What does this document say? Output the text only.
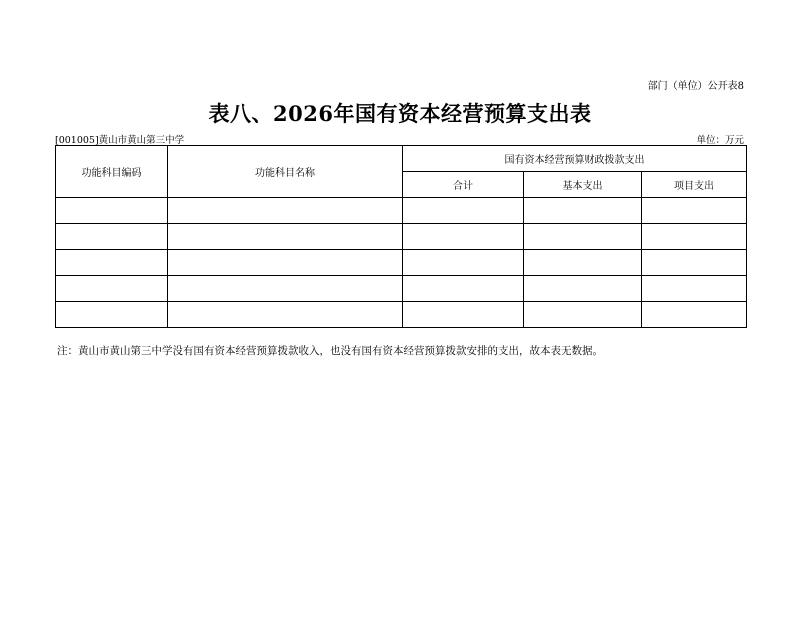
部门（单位）公开表8
表八、2026年国有资本经营预算支出表
[001005]黄山市黄山第三中学	单位：万元
功能科目编码	功能科目名称	国有资本经营预算财政拨款支出		
		合计	基本支出	项目支出

注：黄山市黄山第三中学没有国有资本经营预算拨款收入，也没有国有资本经营预算拨款安排的支出，故本表无数据。
